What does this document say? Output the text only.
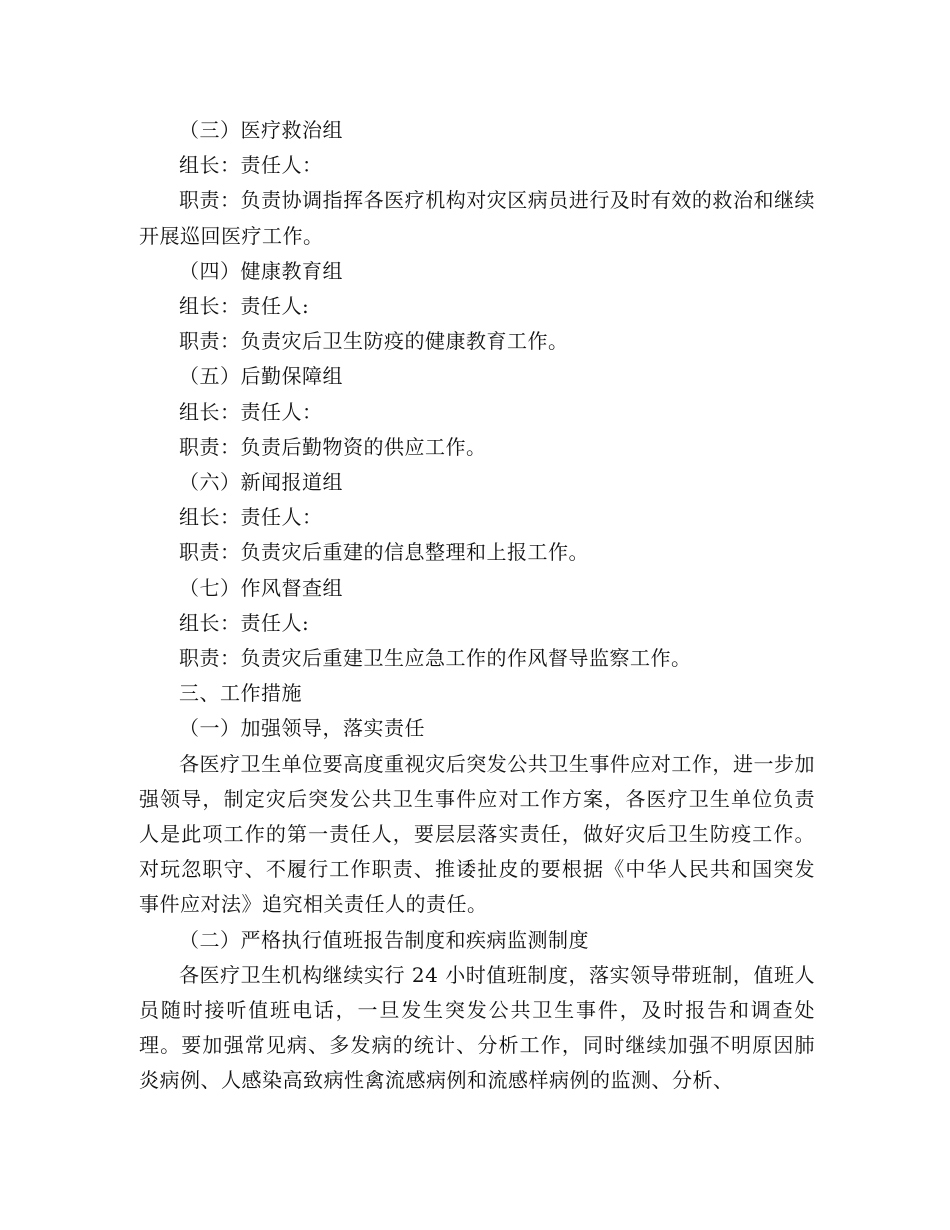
（三）医疗救治组

组长：责任人：

职责：负责协调指挥各医疗机构对灾区病员进行及时有效的救治和继续开展巡回医疗工作。

（四）健康教育组

组长：责任人:

职责：负责灾后卫生防疫的健康教育工作。

（五）后勤保障组

组长：责任人：

职责：负责后勤物资的供应工作。

（六）新闻报道组

组长：责任人：

职责：负责灾后重建的信息整理和上报工作。

（七）作风督查组

组长：责任人:

职责：负责灾后重建卫生应急工作的作风督导监察工作。

三、工作措施

（一）加强领导，落实责任

各医疗卫生单位要高度重视灾后突发公共卫生事件应对工作，进一步加强领导，制定灾后突发公共卫生事件应对工作方案，各医疗卫生单位负责人是此项工作的第一责任人，要层层落实责任，做好灾后卫生防疫工作。对玩忽职守、不履行工作职责、推诿扯皮的要根据《中华人民共和国突发事件应对法》追究相关责任人的责任。

（二）严格执行值班报告制度和疾病监测制度

各医疗卫生机构继续实行 24 小时值班制度，落实领导带班制，值班人员随时接听值班电话，一旦发生突发公共卫生事件，及时报告和调查处理。要加强常见病、多发病的统计、分析工作，同时继续加强不明原因肺炎病例、人感染高致病性禽流感病例和流感样病例的监测、分析、
